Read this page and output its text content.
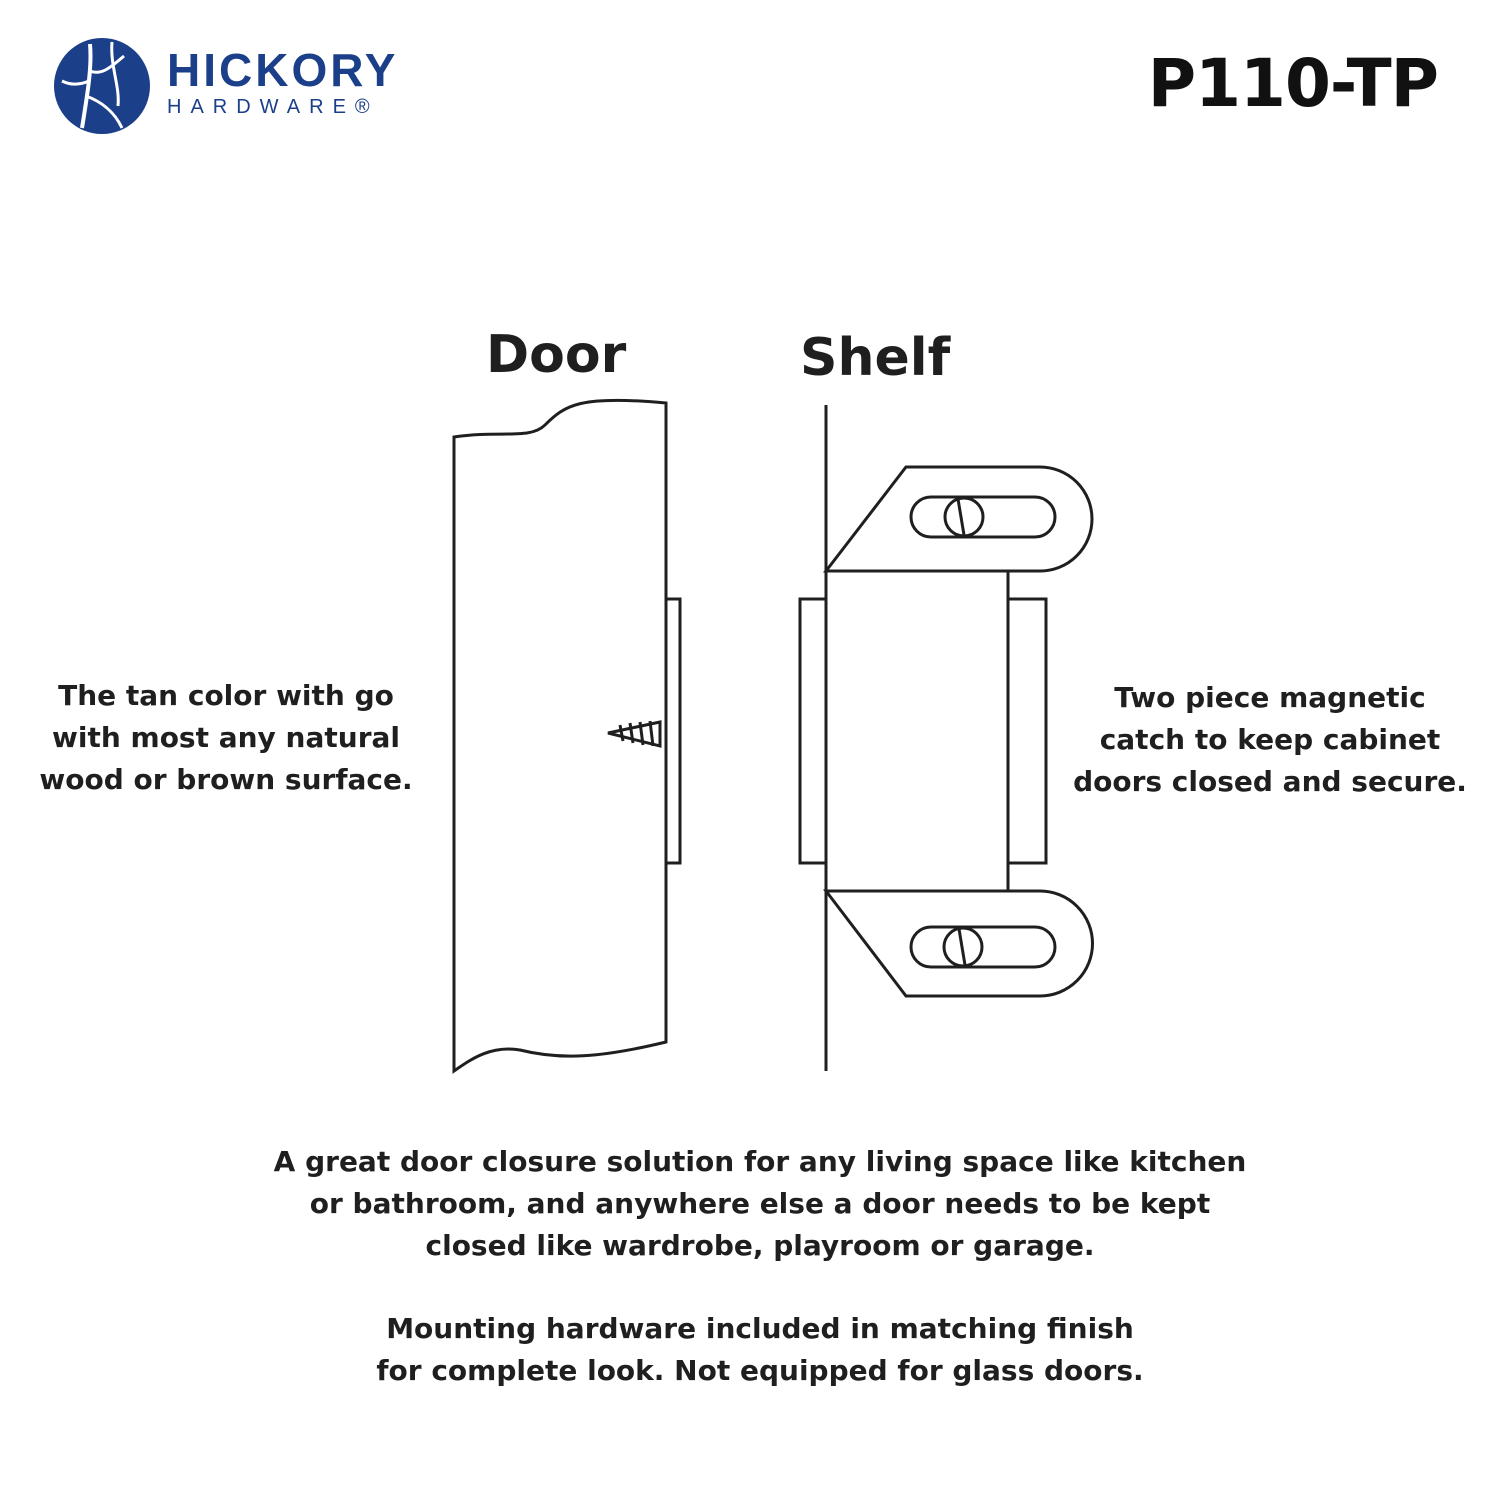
HICKORY
HARDWARE®	P110-TP
Door	Shelf
The tan color with go
with most any natural
wood or brown surface.
Two piece magnetic
catch to keep cabinet
doors closed and secure.
A great door closure solution for any living space like kitchen
or bathroom, and anywhere else a door needs to be kept
closed like wardrobe, playroom or garage.
Mounting hardware included in matching finish
for complete look. Not equipped for glass doors.
